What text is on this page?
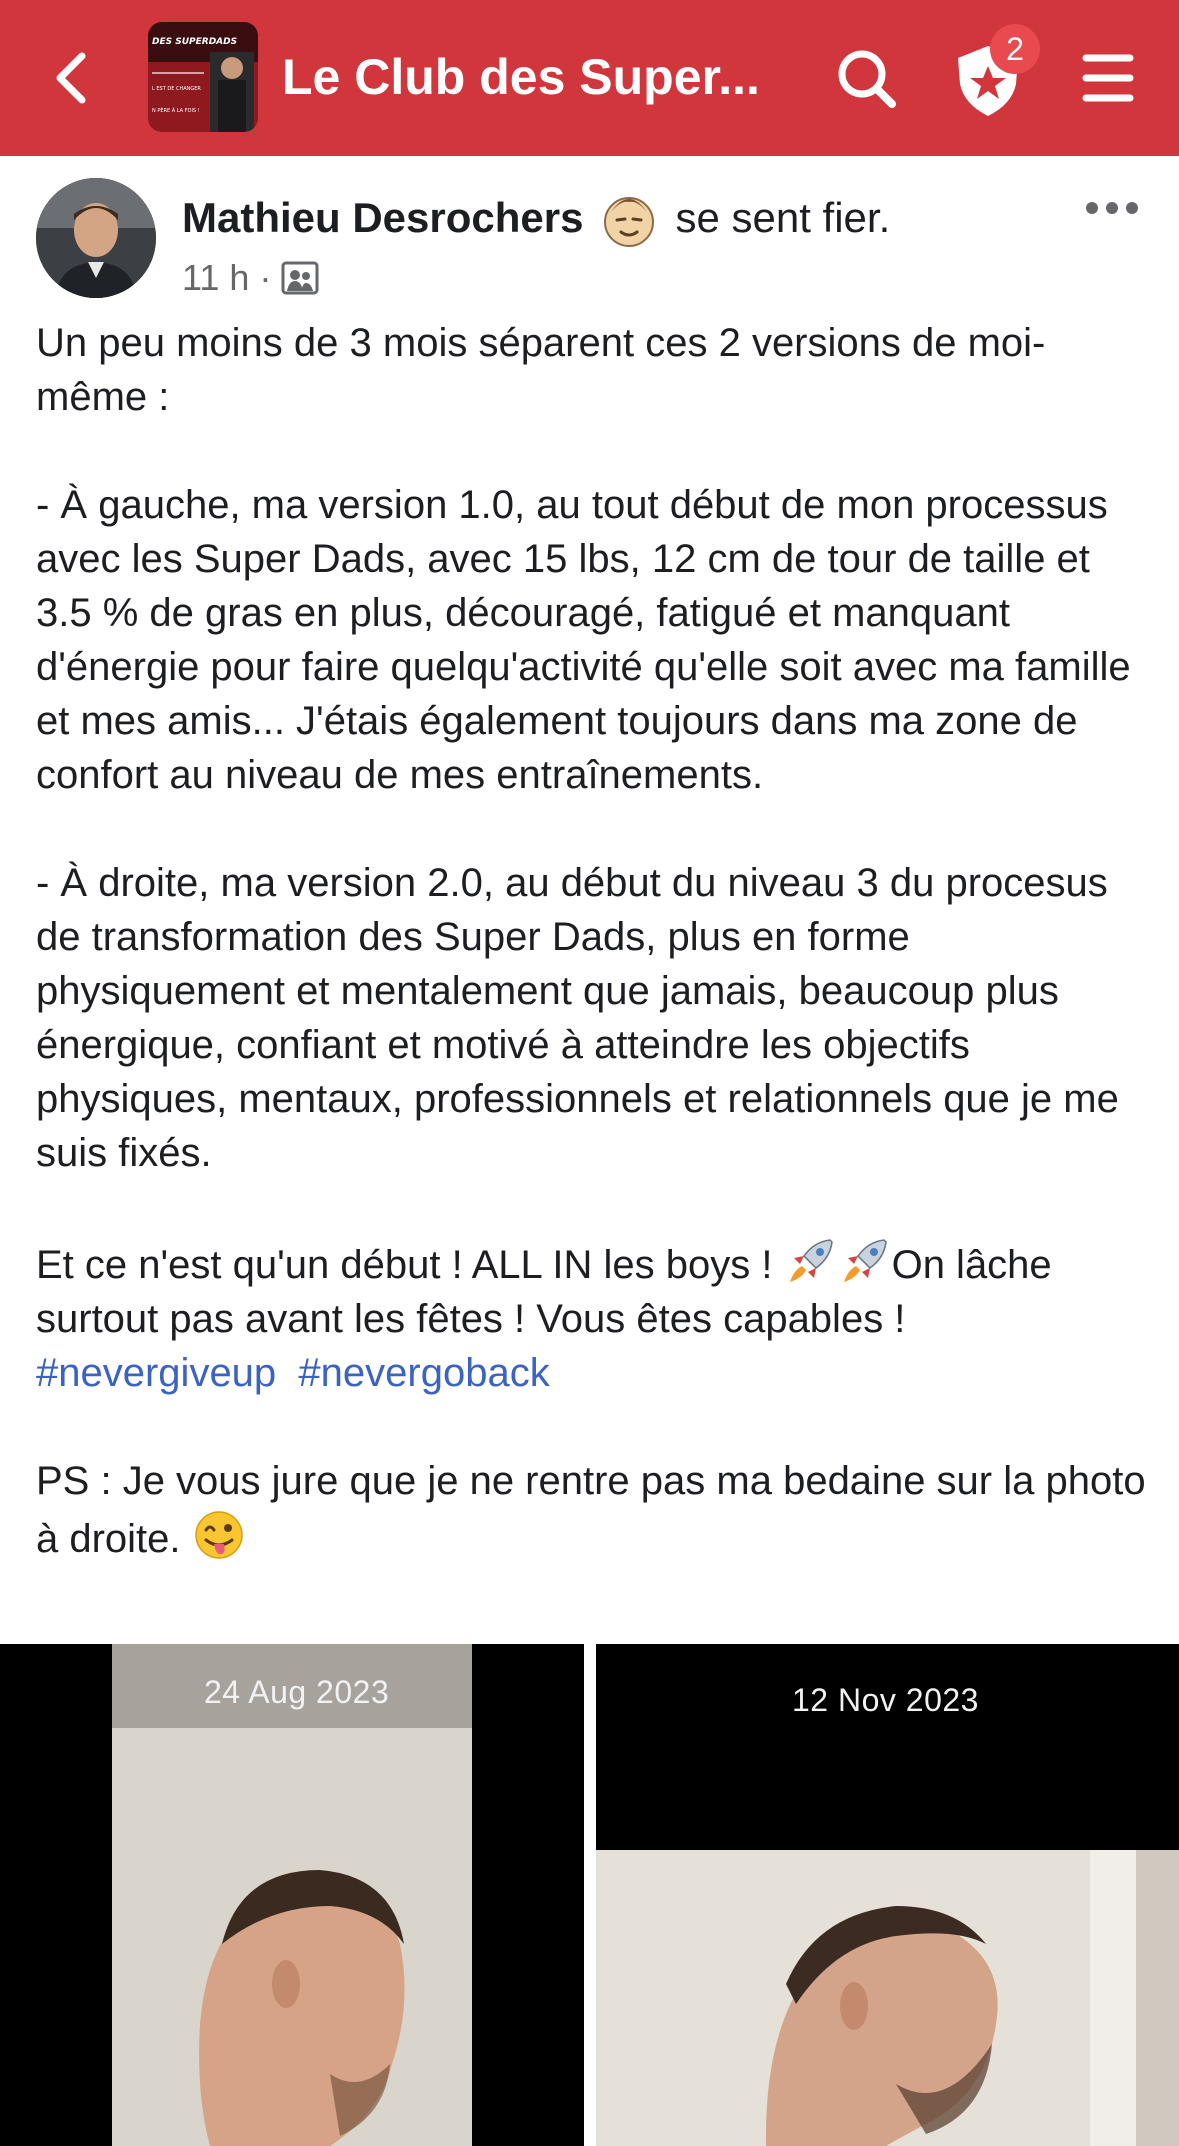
DES SUPERDADS
L EST DE CHANGER
N PÈRE À LA FOIS !
Le Club des Super...	2
Mathieu Desrochers se sent fier.
11 h ·

Un peu moins de 3 mois séparent ces 2 versions de moi-même :

- À gauche, ma version 1.0, au tout début de mon processus avec les Super Dads, avec 15 lbs, 12 cm de tour de taille et 3.5 % de gras en plus, découragé, fatigué et manquant d'énergie pour faire quelqu'activité qu'elle soit avec ma famille et mes amis... J'étais également toujours dans ma zone de confort au niveau de mes entraînements.

- À droite, ma version 2.0, au début du niveau 3 du procesus de transformation des Super Dads, plus en forme physiquement et mentalement que jamais, beaucoup plus énergique, confiant et motivé à atteindre les objectifs physiques, mentaux, professionnels et relationnels que je me suis fixés.

Et ce n'est qu'un début ! ALL IN les boys !	On lâche surtout pas avant les fêtes ! Vous êtes capables ! #nevergiveup #nevergoback

PS : Je vous jure que je ne rentre pas ma bedaine sur la photo à droite.

24 Aug 2023	12 Nov 2023
